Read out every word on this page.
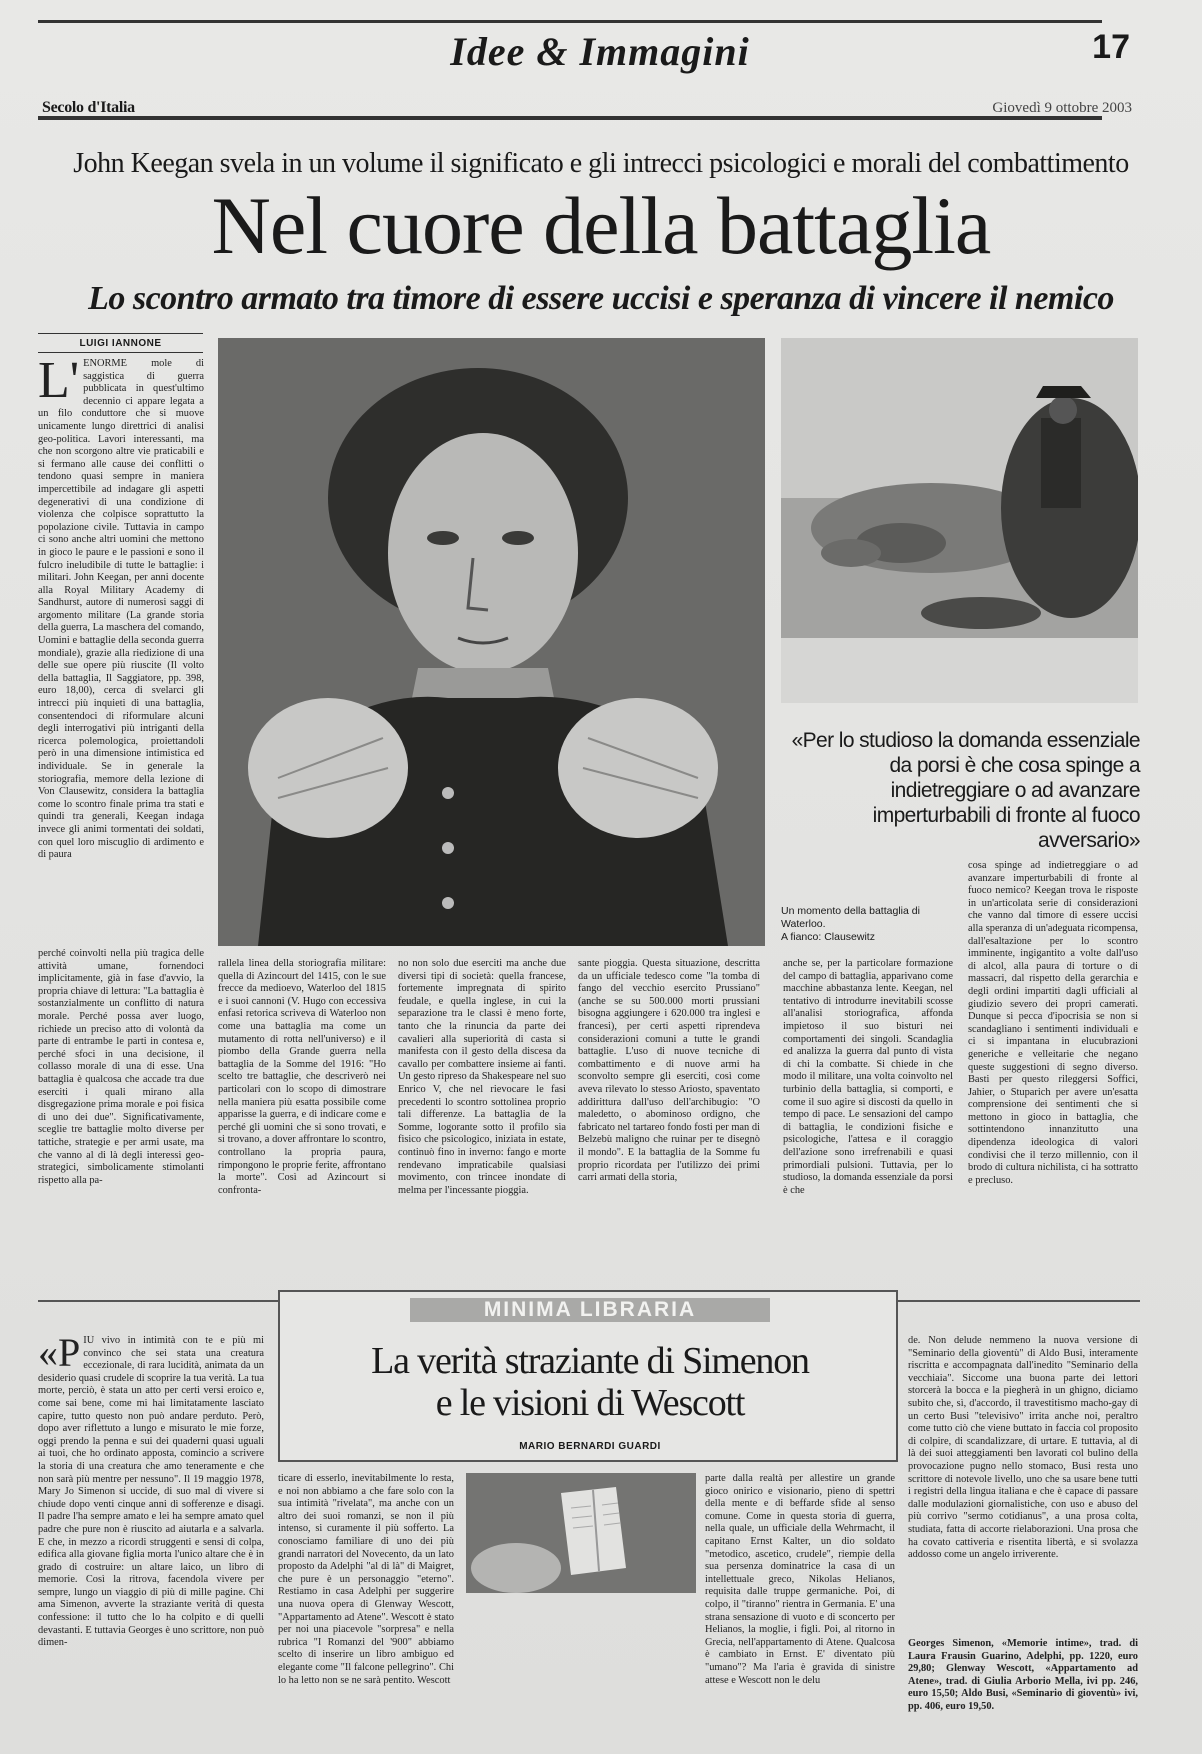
Idee & Immagini	17
Secolo d'Italia	Giovedì 9 ottobre 2003
John Keegan svela in un volume il significato e gli intrecci psicologici e morali del combattimento
Nel cuore della battaglia
Lo scontro armato tra timore di essere uccisi e speranza di vincere il nemico
LUIGI IANNONE
L' ENORME mole di saggistica di guerra pubblicata in quest'ultimo decennio ci appare legata a un filo conduttore che si muove unicamente lungo direttrici di analisi geo-politica. Lavori interessanti, ma che non scorgono altre vie praticabili e si fermano alle cause dei conflitti o tendono quasi sempre in maniera impercettibile ad indagare gli aspetti degenerativi di una condizione di violenza che colpisce soprattutto la popolazione civile. Tuttavia in campo ci sono anche altri uomini che mettono in gioco le paure e le passioni e sono il fulcro ineludibile di tutte le battaglie: i militari. John Keegan, per anni docente alla Royal Military Academy di Sandhurst, autore di numerosi saggi di argomento militare (La grande storia della guerra, La maschera del comando, Uomini e battaglie della seconda guerra mondiale), grazie alla riedizione di una delle sue opere più riuscite (Il volto della battaglia, Il Saggiatore, pp. 398, euro 18,00), cerca di svelarci gli intrecci più inquieti di una battaglia, consentendoci di riformulare alcuni degli interrogativi più intriganti della ricerca polemologica, proiettandoli però in una dimensione intimistica ed individuale. Se in generale la storiografia, memore della lezione di Von Clausewitz, considera la battaglia come lo scontro finale prima tra stati e quindi tra generali, Keegan indaga invece gli animi tormentati dei soldati, con quel loro miscuglio di ardimento e di paura
perché coinvolti nella più tragica delle attività umane, fornendoci implicitamente, già in fase d'avvio, la propria chiave di lettura: "La battaglia è sostanzialmente un conflitto di natura morale. Perché possa aver luogo, richiede un preciso atto di volontà da parte di entrambe le parti in contesa e, perché sfoci in una decisione, il collasso morale di una di esse. Una battaglia è qualcosa che accade tra due eserciti i quali mirano alla disgregazione prima morale e poi fisica di uno dei due". Significativamente, sceglie tre battaglie molto diverse per tattiche, strategie e per armi usate, ma che vanno al di là degli interessi geo-strategici, simbolicamente stimolanti rispetto alla pa-
«Per lo studioso la domanda essenziale da porsi è che cosa spinge a indietreggiare o ad avanzare imperturbabili di fronte al fuoco avversario»
Un momento della battaglia di Waterloo.
A fianco: Clausewitz
rallela linea della storiografia militare: quella di Azincourt del 1415, con le sue frecce da medioevo, Waterloo del 1815 e i suoi cannoni (V. Hugo con eccessiva enfasi retorica scriveva di Waterloo non come una battaglia ma come un mutamento di rotta nell'universo) e il piombo della Grande guerra nella battaglia de la Somme del 1916: "Ho scelto tre battaglie, che descriverò nei particolari con lo scopo di dimostrare nella maniera più esatta possibile come apparisse la guerra, e di indicare come e perché gli uomini che si sono trovati, e si trovano, a dover affrontare lo scontro, controllano la propria paura, rimpongono le proprie ferite, affrontano la morte". Così ad Azincourt si confronta-
no non solo due eserciti ma anche due diversi tipi di società: quella francese, fortemente impregnata di spirito feudale, e quella inglese, in cui la separazione tra le classi è meno forte, tanto che la rinuncia da parte dei cavalieri alla superiorità di casta si manifesta con il gesto della discesa da cavallo per combattere insieme ai fanti. Un gesto ripreso da Shakespeare nel suo Enrico V, che nel rievocare le fasi precedenti lo scontro sottolinea proprio tali differenze. La battaglia de la Somme, logorante sotto il profilo sia fisico che psicologico, iniziata in estate, continuò fino in inverno: fango e morte rendevano impraticabile qualsiasi movimento, con trincee inondate di melma per l'incessante pioggia.
sante pioggia. Questa situazione, descritta da un ufficiale tedesco come "la tomba di fango del vecchio esercito Prussiano" (anche se su 500.000 morti prussiani bisogna aggiungere i 620.000 tra inglesi e francesi), per certi aspetti riprendeva considerazioni comuni a tutte le grandi battaglie. L'uso di nuove tecniche di combattimento e di nuove armi ha sconvolto sempre gli eserciti, così come aveva rilevato lo stesso Ariosto, spaventato addirittura dall'uso dell'archibugio: "O maledetto, o abominoso ordigno, che fabricato nel tartareo fondo fosti per man di Belzebù maligno che ruinar per te disegnò il mondo". E la battaglia de la Somme fu proprio ricordata per l'utilizzo dei primi carri armati della storia,
anche se, per la particolare formazione del campo di battaglia, apparivano come macchine abbastanza lente. Keegan, nel tentativo di introdurre inevitabili scosse all'analisi storiografica, affonda impietoso il suo bisturi nei comportamenti dei singoli. Scandaglia ed analizza la guerra dal punto di vista di chi la combatte. Si chiede in che modo il militare, una volta coinvolto nel turbinio della battaglia, si comporti, e come il suo agire si discosti da quello in tempo di pace. Le sensazioni del campo di battaglia, le condizioni fisiche e psicologiche, l'attesa e il coraggio dell'azione sono irrefrenabili e quasi primordiali pulsioni. Tuttavia, per lo studioso, la domanda essenziale da porsi è che
cosa spinge ad indietreggiare o ad avanzare imperturbabili di fronte al fuoco nemico? Keegan trova le risposte in un'articolata serie di considerazioni che vanno dal timore di essere uccisi alla speranza di un'adeguata ricompensa, dall'esaltazione per lo scontro imminente, ingigantito a volte dall'uso di alcol, alla paura di torture o di massacri, dal rispetto della gerarchia e degli ordini impartiti dagli ufficiali al giudizio severo dei propri camerati. Dunque si pecca d'ipocrisia se non si scandagliano i sentimenti individuali e ci si impantana in elucubrazioni generiche e velleitarie che negano queste suggestioni di segno diverso. Basti per questo rileggersi Soffici, Jahier, o Stuparich per avere un'esatta comprensione dei sentimenti che si mettono in gioco in battaglia, che sottintendono innanzitutto una dipendenza ideologica di valori condivisi che il terzo millennio, con il brodo di cultura nichilista, ci ha sottratto e precluso.
MINIMA LIBRARIA
La verità straziante di Simenon
e le visioni di Wescott
MARIO BERNARDI GUARDI
«PIÙ vivo in intimità con te e più mi convinco che sei stata una creatura eccezionale, di rara lucidità, animata da un desiderio quasi crudele di scoprire la tua verità. La tua morte, perciò, è stata un atto per certi versi eroico e, come sai bene, come mi hai limitatamente lasciato capire, tutto questo non può andare perduto. Però, dopo aver riflettuto a lungo e misurato le mie forze, oggi prendo la penna e sui dei quaderni quasi uguali ai tuoi, che ho ordinato apposta, comincio a scrivere la storia di una creatura che amo teneramente e che non sarà più mentre per nessuno". Il 19 maggio 1978, Mary Jo Simenon si uccide, di suo mal di vivere si chiude dopo venti cinque anni di sofferenze e disagi. Il padre l'ha sempre amato e lei ha sempre amato quel padre che pure non è riuscito ad aiutarla e a salvarla. E che, in mezzo a ricordi struggenti e sensi di colpa, edifica alla giovane figlia morta l'unico altare che è in grado di costruire: un altare laico, un libro di memorie. Così la ritrova, facendola vivere per sempre, lungo un viaggio di più di mille pagine. Chi ama Simenon, avverte la straziante verità di questa confessione: il tutto che lo ha colpito e di quelli devastanti. E tuttavia Georges è uno scrittore, non può dimen-
ticare di esserlo, inevitabilmente lo resta, e noi non abbiamo a che fare solo con la sua intimità "rivelata", ma anche con un altro dei suoi romanzi, se non il più intenso, si curamente il più sofferto. La conosciamo familiare di uno dei più grandi narratori del Novecento, da un lato proposto da Adelphi "al di là" di Maigret, che pure è un personaggio "eterno". Restiamo in casa Adelphi per suggerire una nuova opera di Glenway Wescott, "Appartamento ad Atene". Wescott è stato per noi una piacevole "sorpresa" e nella rubrica "I Romanzi del '900" abbiamo scelto di inserire un libro ambiguo ed elegante come "Il falcone pellegrino". Chi lo ha letto non se ne sarà pentito. Wescott
parte dalla realtà per allestire un grande gioco onirico e visionario, pieno di spettri della mente e di beffarde sfide al senso comune. Come in questa storia di guerra, nella quale, un ufficiale della Wehrmacht, il capitano Ernst Kalter, un dio soldato "metodico, ascetico, crudele", riempie della sua persenza dominatrice la casa di un intellettuale greco, Nikolas Helianos, requisita dalle truppe germaniche. Poi, di colpo, il "tiranno" rientra in Germania. E' una strana sensazione di vuoto e di sconcerto per Helianos, la moglie, i figli. Poi, al ritorno in Grecia, nell'appartamento di Atene. Qualcosa è cambiato in Ernst. E' diventato più "umano"? Ma l'aria è gravida di sinistre attese e Wescott non le delu
de. Non delude nemmeno la nuova versione di "Seminario della gioventù" di Aldo Busi, interamente riscritta e accompagnata dall'inedito "Seminario della vecchiaia". Siccome una buona parte dei lettori storcerà la bocca e la piegherà in un ghigno, diciamo subito che, sì, d'accordo, il travestitismo macho-gay di un certo Busi "televisivo" irrita anche noi, peraltro come tutto ciò che viene buttato in faccia col proposito di colpire, di scandalizzare, di urtare. E tuttavia, al di là dei suoi atteggiamenti ben lavorati col bulino della provocazione pugno nello stomaco, Busi resta uno scrittore di notevole livello, uno che sa usare bene tutti i registri della lingua italiana e che è capace di passare dalle modulazioni giornalistiche, con uso e abuso del più corrivo "sermo cotidianus", a una prosa colta, studiata, fatta di accorte rielaborazioni. Una prosa che ha covato cattiveria e risentita libertà, e si svolazza addosso come un angelo irriverente.
Georges Simenon, «Memorie intime», trad. di Laura Frausin Guarino, Adelphi, pp. 1220, euro 29,80; Glenway Wescott, «Appartamento ad Atene», trad. di Giulia Arborio Mella, ivi pp. 246, euro 15,50; Aldo Busi, «Seminario di gioventù» ivi, pp. 406, euro 19,50.
